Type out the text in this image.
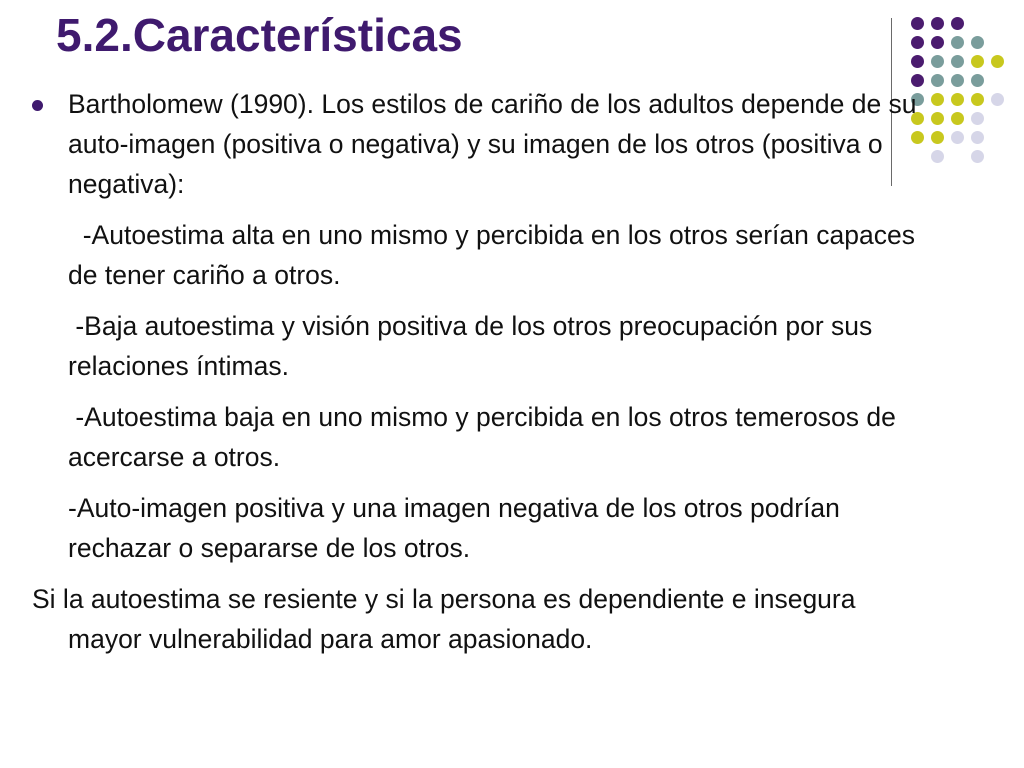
5.2.Características

Bartholomew (1990). Los estilos de cariño de los adultos depende de su auto-imagen (positiva o negativa) y su imagen de los otros (positiva o negativa):

-Autoestima alta en uno mismo y percibida en los otros serían capaces de tener cariño a otros.

-Baja autoestima y visión positiva de los otros preocupación por sus relaciones íntimas.

-Autoestima baja en uno mismo y percibida en los otros temerosos de acercarse a otros.

-Auto-imagen positiva y una imagen negativa de los otros podrían rechazar o separarse de los otros.

Si la autoestima se resiente y si la persona es dependiente e insegura mayor vulnerabilidad para amor apasionado.
